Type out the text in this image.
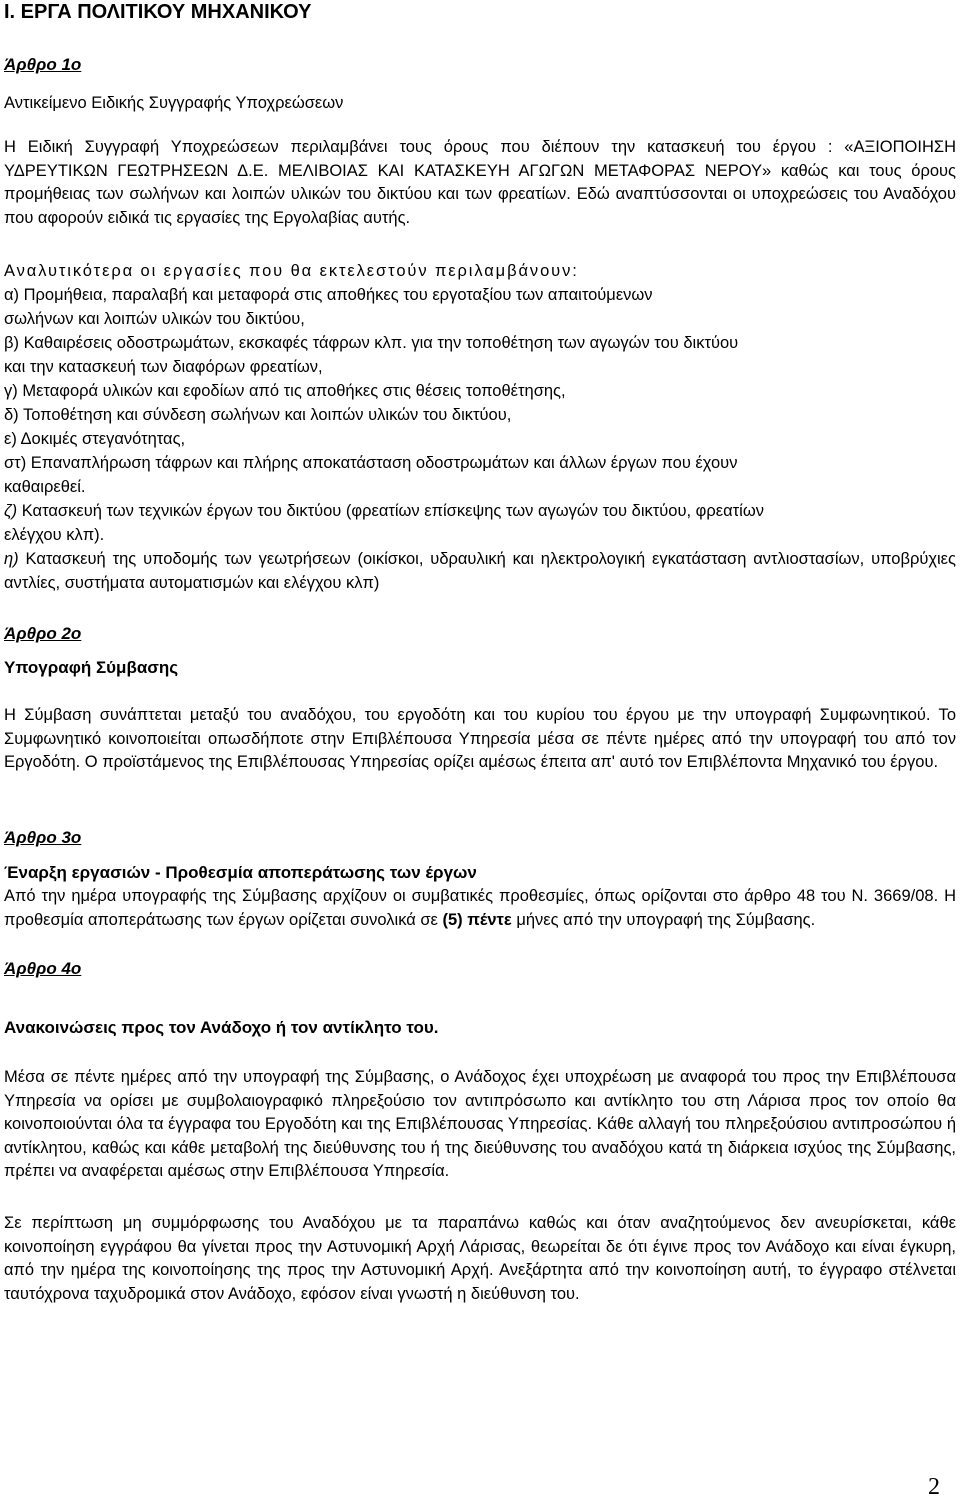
Ι. ΕΡΓΑ ΠΟΛΙΤΙΚΟΥ ΜΗΧΑΝΙΚΟΥ
Άρθρο 1ο
Αντικείμενο Ειδικής Συγγραφής Υποχρεώσεων
Η Ειδική Συγγραφή Υποχρεώσεων περιλαμβάνει τους όρους που διέπουν την κατασκευή του έργου : «ΑΞΙΟΠΟΙΗΣΗ ΥΔΡΕΥΤΙΚΩΝ ΓΕΩΤΡΗΣΕΩΝ Δ.Ε. ΜΕΛΙΒΟΙΑΣ ΚΑΙ ΚΑΤΑΣΚΕΥΗ ΑΓΩΓΩΝ ΜΕΤΑΦΟΡΑΣ ΝΕΡΟΥ» καθώς και τους όρους προμήθειας των σωλήνων και λοιπών υλικών του δικτύου και των φρεατίων. Εδώ αναπτύσσονται οι υποχρεώσεις του Αναδόχου που αφορούν ειδικά τις εργασίες της Εργολαβίας αυτής.
Αναλυτικότερα οι εργασίες που θα εκτελεστούν περιλαμβάνουν:
α) Προμήθεια, παραλαβή και μεταφορά στις αποθήκες του εργοταξίου των απαιτούμενων σωλήνων και λοιπών υλικών του δικτύου,
β) Καθαιρέσεις οδοστρωμάτων, εκσκαφές τάφρων κλπ. για την τοποθέτηση των αγωγών του δικτύου και την κατασκευή των διαφόρων φρεατίων,
γ) Μεταφορά υλικών και εφοδίων από τις αποθήκες στις θέσεις τοποθέτησης,
δ) Τοποθέτηση και σύνδεση σωλήνων και λοιπών υλικών του δικτύου,
ε) Δοκιμές στεγανότητας,
στ) Επαναπλήρωση τάφρων και πλήρης αποκατάσταση οδοστρωμάτων και άλλων έργων που έχουν καθαιρεθεί.
ζ) Κατασκευή των τεχνικών έργων του δικτύου (φρεατίων επίσκεψης των αγωγών του δικτύου, φρεατίων ελέγχου κλπ).
η) Κατασκευή της υποδομής των γεωτρήσεων (οικίσκοι, υδραυλική και ηλεκτρολογική εγκατάσταση αντλιοστασίων, υποβρύχιες αντλίες, συστήματα αυτοματισμών και ελέγχου κλπ)
Άρθρο 2ο
Υπογραφή Σύμβασης
Η Σύμβαση συνάπτεται μεταξύ του αναδόχου, του εργοδότη και του κυρίου του έργου με την υπογραφή Συμφωνητικού. Το Συμφωνητικό κοινοποιείται οπωσδήποτε στην Επιβλέπουσα Υπηρεσία μέσα σε πέντε ημέρες από την υπογραφή του από τον Εργοδότη. Ο προϊστάμενος της Επιβλέπουσας Υπηρεσίας ορίζει αμέσως έπειτα απ' αυτό τον Επιβλέποντα Μηχανικό του έργου.
Άρθρο 3ο
Έναρξη εργασιών - Προθεσμία αποπεράτωσης των έργων
Από την ημέρα υπογραφής της Σύμβασης αρχίζουν οι συμβατικές προθεσμίες, όπως ορίζονται στο άρθρο 48 του Ν. 3669/08. Η προθεσμία αποπεράτωσης των έργων ορίζεται συνολικά σε (5) πέντε μήνες από την υπογραφή της Σύμβασης.
Άρθρο 4ο
Ανακοινώσεις προς τον Ανάδοχο ή τον αντίκλητο του.
Μέσα σε πέντε ημέρες από την υπογραφή της Σύμβασης, ο Ανάδοχος έχει υποχρέωση με αναφορά του προς την Επιβλέπουσα Υπηρεσία να ορίσει με συμβολαιογραφικό πληρεξούσιο τον αντιπρόσωπο και αντίκλητο του στη Λάρισα προς τον οποίο θα κοινοποιούνται όλα τα έγγραφα του Εργοδότη και της Επιβλέπουσας Υπηρεσίας. Κάθε αλλαγή του πληρεξούσιου αντιπροσώπου ή αντίκλητου, καθώς και κάθε μεταβολή της διεύθυνσης του ή της διεύθυνσης του αναδόχου κατά τη διάρκεια ισχύος της Σύμβασης, πρέπει να αναφέρεται αμέσως στην Επιβλέπουσα Υπηρεσία.
Σε περίπτωση μη συμμόρφωσης του Αναδόχου με τα παραπάνω καθώς και όταν αναζητούμενος δεν ανευρίσκεται, κάθε κοινοποίηση εγγράφου θα γίνεται προς την Αστυνομική Αρχή Λάρισας, θεωρείται δε ότι έγινε προς τον Ανάδοχο και είναι έγκυρη, από την ημέρα της κοινοποίησης της προς την Αστυνομική Αρχή. Ανεξάρτητα από την κοινοποίηση αυτή, το έγγραφο στέλνεται ταυτόχρονα ταχυδρομικά στον Ανάδοχο, εφόσον είναι γνωστή η διεύθυνση του.
2
